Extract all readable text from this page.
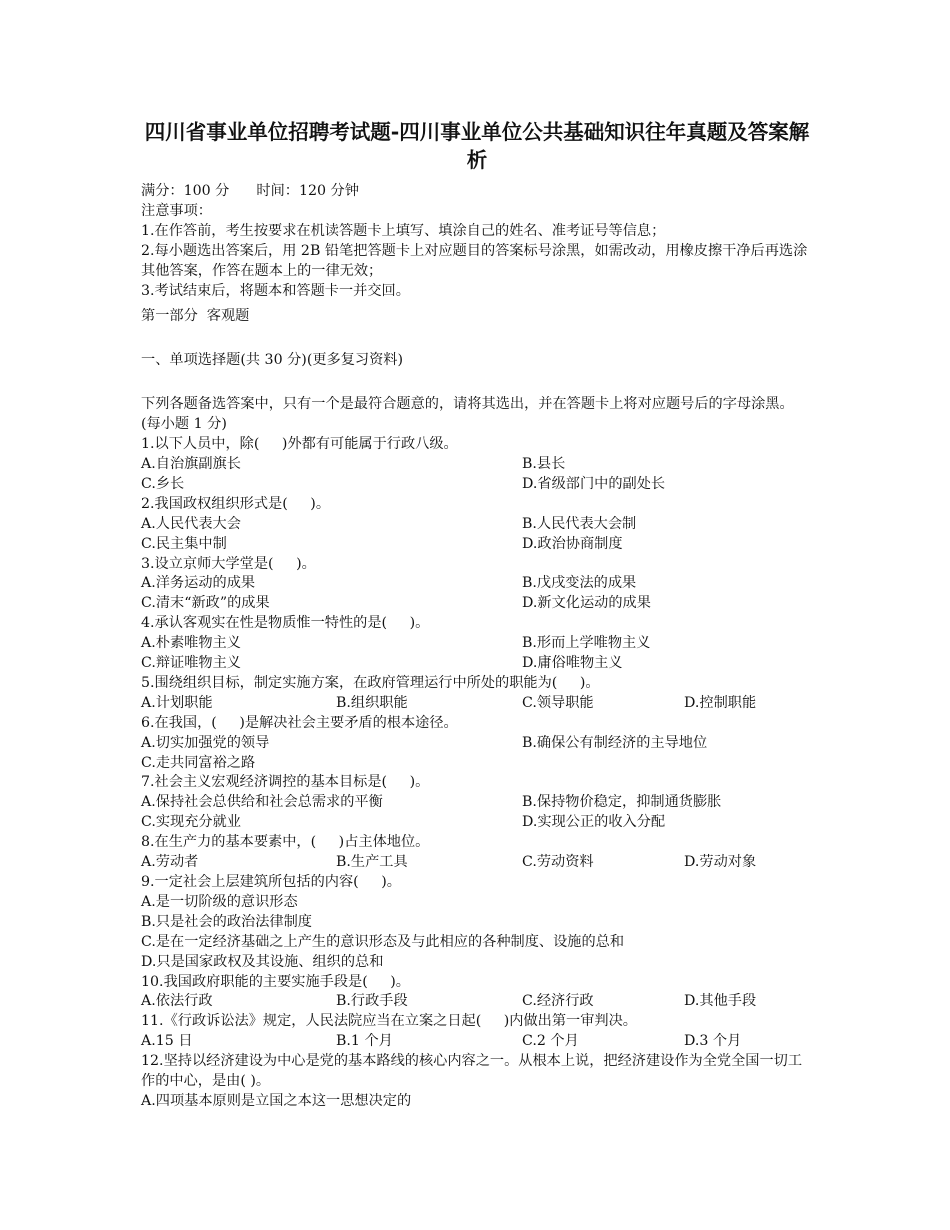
四川省事业单位招聘考试题-四川事业单位公共基础知识往年真题及答案解析
满分：100 分      时间：120 分钟
注意事项：
1.在作答前，考生按要求在机读答题卡上填写、填涂自己的姓名、准考证号等信息；
2.每小题选出答案后，用 2B 铅笔把答题卡上对应题目的答案标号涂黑，如需改动，用橡皮擦干净后再选涂其他答案，作答在题本上的一律无效；
3.考试结束后，将题本和答题卡一并交回。
第一部分  客观题
一、单项选择题(共 30 分)(更多复习资料)
下列各题备选答案中，只有一个是最符合题意的，请将其选出，并在答题卡上将对应题号后的字母涂黑。(每小题 1 分)
1.以下人员中，除(     )外都有可能属于行政八级。
A.自治旗副旗长	B.县长
C.乡长	D.省级部门中的副处长
2.我国政权组织形式是(     )。
A.人民代表大会	B.人民代表大会制
C.民主集中制	D.政治协商制度
3.设立京师大学堂是(     )。
A.洋务运动的成果	B.戊戌变法的成果
C.清末“新政”的成果	D.新文化运动的成果
4.承认客观实在性是物质惟一特性的是(     )。
A.朴素唯物主义	B.形而上学唯物主义
C.辩证唯物主义	D.庸俗唯物主义
5.围绕组织目标，制定实施方案，在政府管理运行中所处的职能为(     )。
A.计划职能	B.组织职能	C.领导职能	D.控制职能
6.在我国，(     )是解决社会主要矛盾的根本途径。
A.切实加强党的领导	B.确保公有制经济的主导地位
C.走共同富裕之路
7.社会主义宏观经济调控的基本目标是(     )。
A.保持社会总供给和社会总需求的平衡	B.保持物价稳定，抑制通货膨胀
C.实现充分就业	D.实现公正的收入分配
8.在生产力的基本要素中，(     )占主体地位。
A.劳动者	B.生产工具	C.劳动资料	D.劳动对象
9.一定社会上层建筑所包括的内容(     )。
A.是一切阶级的意识形态
B.只是社会的政治法律制度
C.是在一定经济基础之上产生的意识形态及与此相应的各种制度、设施的总和
D.只是国家政权及其设施、组织的总和
10.我国政府职能的主要实施手段是(     )。
A.依法行政	B.行政手段	C.经济行政	D.其他手段
11.《行政诉讼法》规定，人民法院应当在立案之日起(     )内做出第一审判决。
A.15 日	B.1 个月	C.2 个月	D.3 个月
12.坚持以经济建设为中心是党的基本路线的核心内容之一。从根本上说，把经济建设作为全党全国一切工作的中心，是由( )。
A.四项基本原则是立国之本这一思想决定的
